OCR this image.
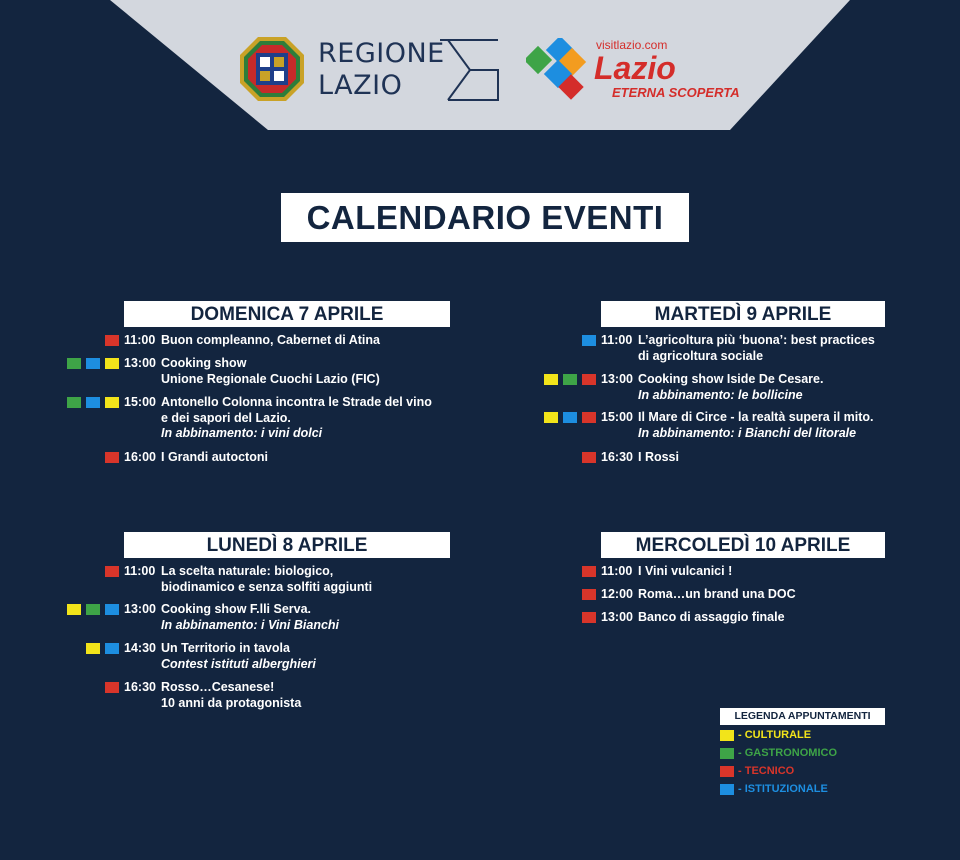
REGIONE
LAZIO
visitlazio.com
Lazio
ETERNA SCOPERTA
CALENDARIO EVENTI
DOMENICA 7 APRILE
11:00 Buon compleanno, Cabernet di Atina
13:00 Cooking show
Unione Regionale Cuochi Lazio (FIC)
15:00 Antonello Colonna incontra le Strade del vino
e dei sapori del Lazio.
In abbinamento: i vini dolci
16:00 I Grandi autoctoni
LUNEDÌ 8 APRILE
11:00 La scelta naturale: biologico,
biodinamico e senza solfiti aggiunti
13:00 Cooking show F.lli Serva.
In abbinamento: i Vini Bianchi
14:30 Un Territorio in tavola
Contest istituti alberghieri
16:30 Rosso…Cesanese!
10 anni da protagonista
MARTEDÌ 9 APRILE
11:00 L’agricoltura più ‘buona’: best practices
di agricoltura sociale
13:00 Cooking show Iside De Cesare.
In abbinamento: le bollicine
15:00 Il Mare di Circe - la realtà supera il mito.
In abbinamento: i Bianchi del litorale
16:30 I Rossi
MERCOLEDÌ 10 APRILE
11:00 I Vini vulcanici !
12:00 Roma…un brand una DOC
13:00 Banco di assaggio finale
LEGENDA APPUNTAMENTI
- CULTURALE
- GASTRONOMICO
- TECNICO
- ISTITUZIONALE
